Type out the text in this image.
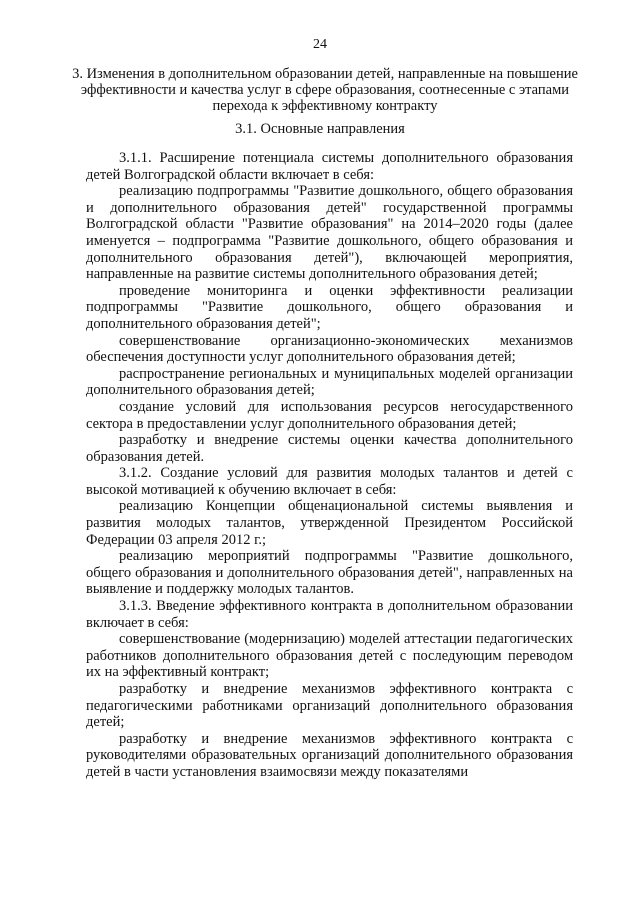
24
3. Изменения в дополнительном образовании детей, направленные на повышение эффективности и качества услуг в сфере образования, соотнесенные с этапами перехода к эффективному контракту
3.1. Основные направления

3.1.1. Расширение потенциала системы дополнительного образования детей Волгоградской области включает в себя:

реализацию подпрограммы "Развитие дошкольного, общего образования и дополнительного образования детей" государственной программы Волгоградской области "Развитие образования" на 2014–2020 годы (далее именуется – подпрограмма "Развитие дошкольного, общего образования и дополнительного образования детей"), включающей мероприятия, направленные на развитие системы дополнительного образования детей;

проведение мониторинга и оценки эффективности реализации подпрограммы "Развитие дошкольного, общего образования и дополнительного образования детей";

совершенствование организационно-экономических механизмов обеспечения доступности услуг дополнительного образования детей;

распространение региональных и муниципальных моделей организации дополнительного образования детей;

создание условий для использования ресурсов негосударственного сектора в предоставлении услуг дополнительного образования детей;

разработку и внедрение системы оценки качества дополнительного образования детей.

3.1.2. Создание условий для развития молодых талантов и детей с высокой мотивацией к обучению включает в себя:

реализацию Концепции общенациональной системы выявления и развития молодых талантов, утвержденной Президентом Российской Федерации 03 апреля 2012 г.;

реализацию мероприятий подпрограммы "Развитие дошкольного, общего образования и дополнительного образования детей", направленных на выявление и поддержку молодых талантов.

3.1.3. Введение эффективного контракта в дополнительном образовании включает в себя:

совершенствование (модернизацию) моделей аттестации педагогических работников дополнительного образования детей с последующим переводом их на эффективный контракт;

разработку и внедрение механизмов эффективного контракта с педагогическими работниками организаций дополнительного образования детей;

разработку и внедрение механизмов эффективного контракта с руководителями образовательных организаций дополнительного образования детей в части установления взаимосвязи между показателями
